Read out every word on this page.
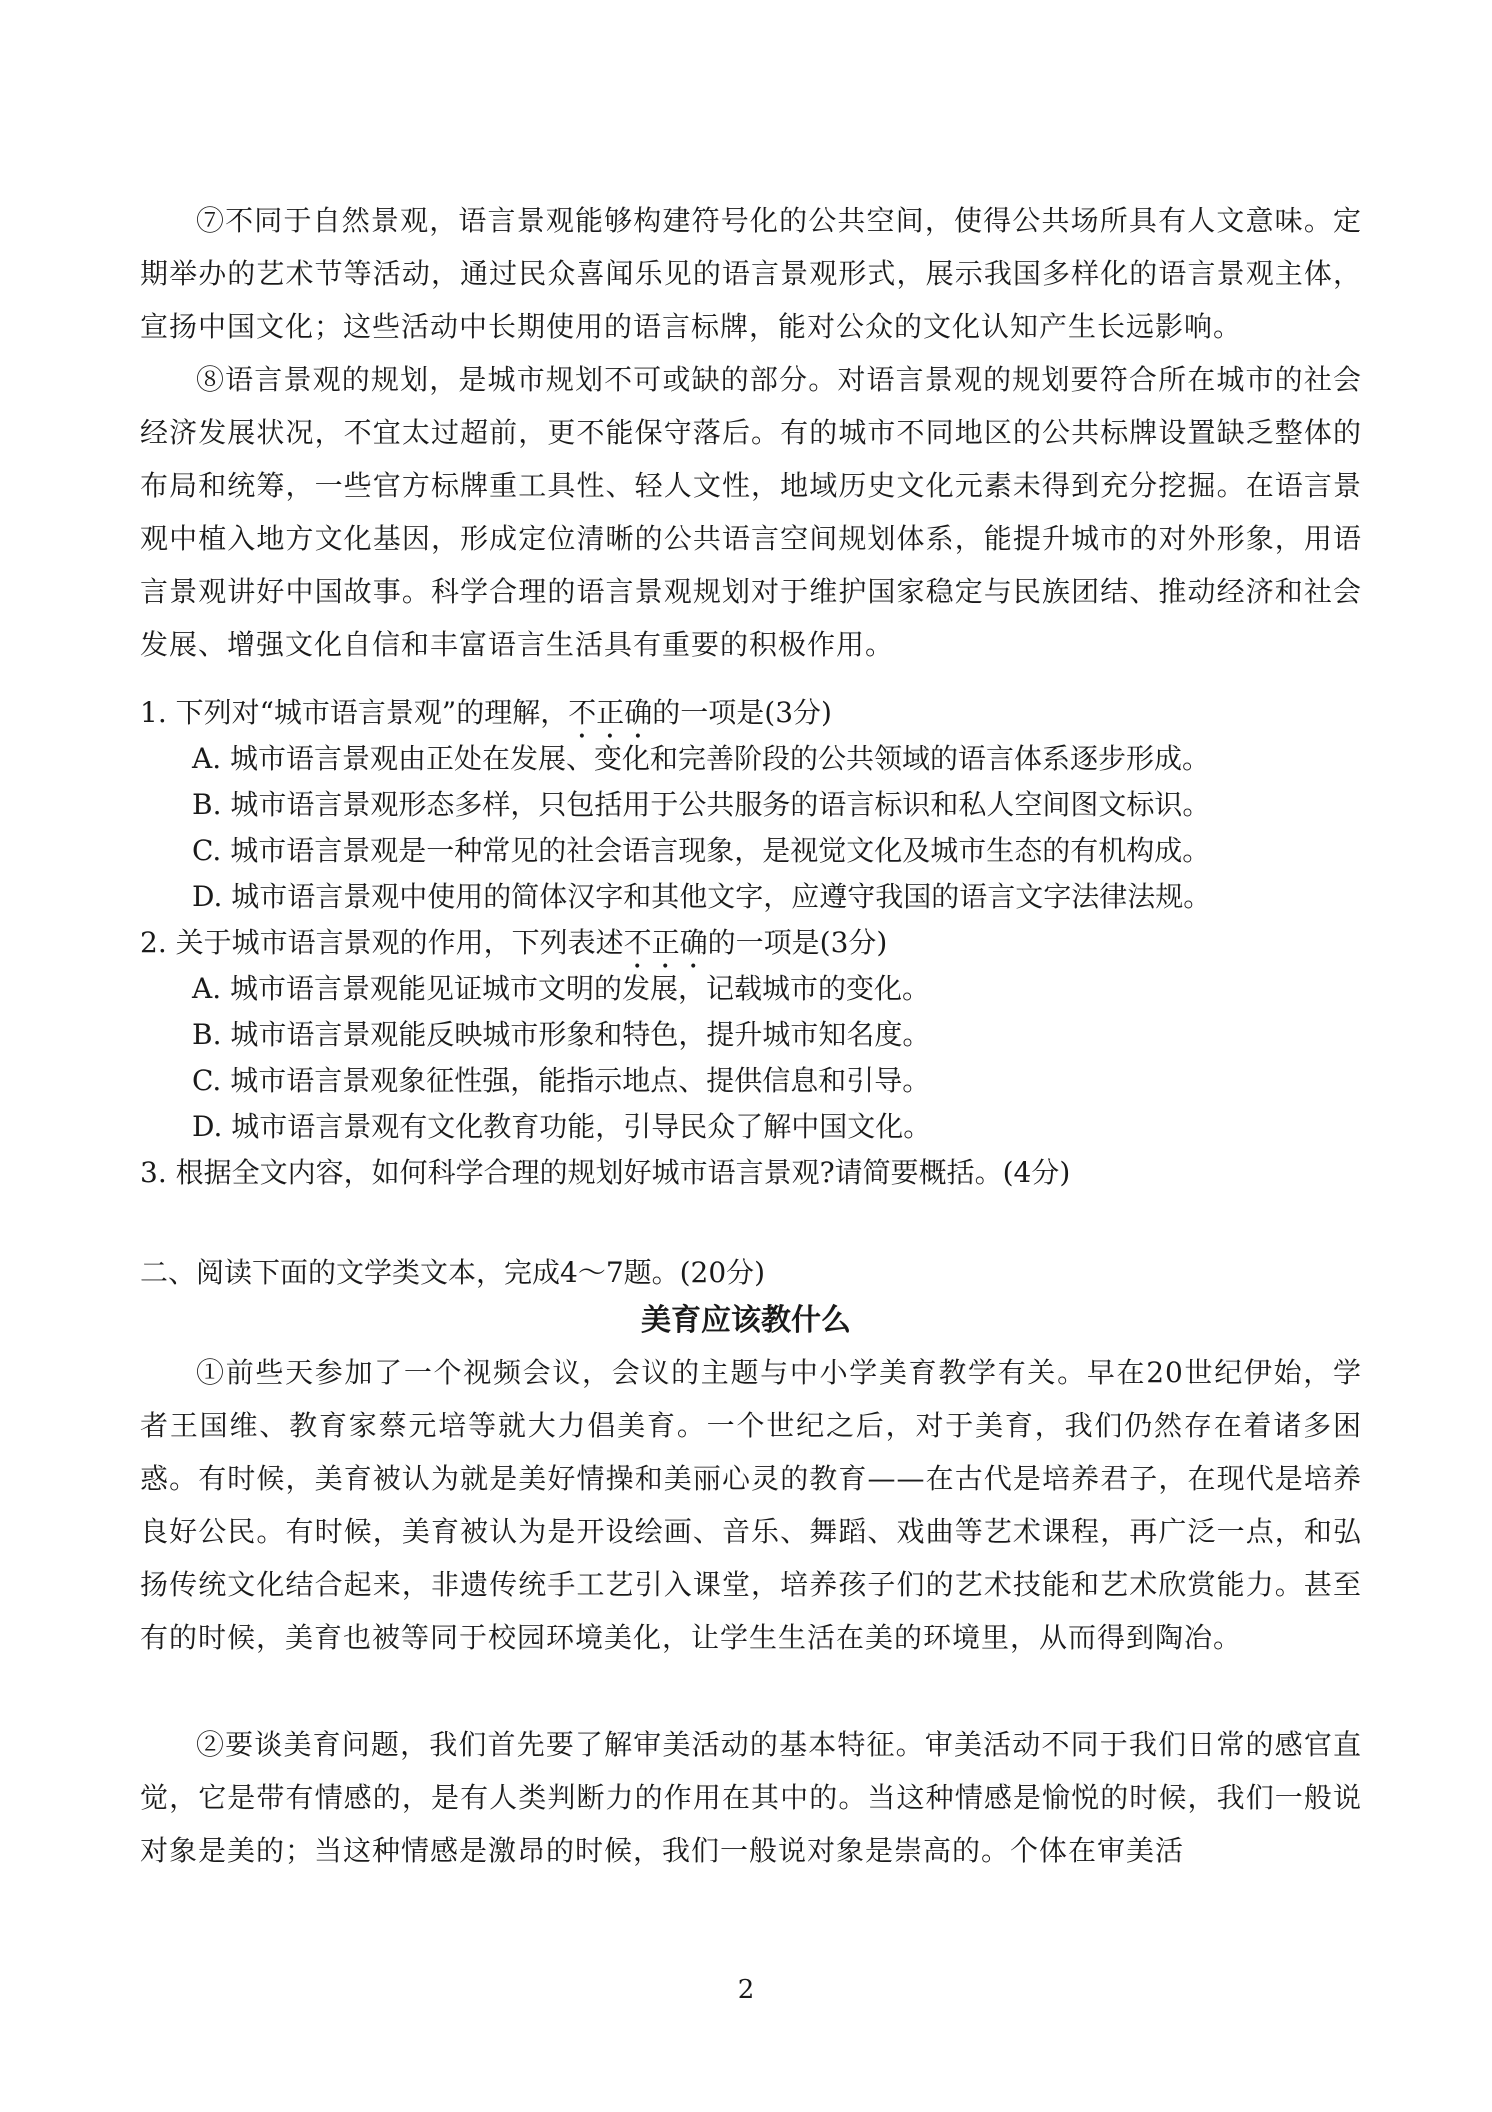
⑦不同于自然景观，语言景观能够构建符号化的公共空间，使得公共场所具有人文意味。定期举办的艺术节等活动，通过民众喜闻乐见的语言景观形式，展示我国多样化的语言景观主体，宣扬中国文化；这些活动中长期使用的语言标牌，能对公众的文化认知产生长远影响。

⑧语言景观的规划，是城市规划不可或缺的部分。对语言景观的规划要符合所在城市的社会经济发展状况，不宜太过超前，更不能保守落后。有的城市不同地区的公共标牌设置缺乏整体的布局和统筹，一些官方标牌重工具性、轻人文性，地域历史文化元素未得到充分挖掘。在语言景观中植入地方文化基因，形成定位清晰的公共语言空间规划体系，能提升城市的对外形象，用语言景观讲好中国故事。科学合理的语言景观规划对于维护国家稳定与民族团结、推动经济和社会发展、增强文化自信和丰富语言生活具有重要的积极作用。

1. 下列对“城市语言景观”的理解，不正确的一项是(3分)

A. 城市语言景观由正处在发展、变化和完善阶段的公共领域的语言体系逐步形成。

B. 城市语言景观形态多样，只包括用于公共服务的语言标识和私人空间图文标识。

C. 城市语言景观是一种常见的社会语言现象，是视觉文化及城市生态的有机构成。

D. 城市语言景观中使用的简体汉字和其他文字，应遵守我国的语言文字法律法规。

2. 关于城市语言景观的作用，下列表述不正确的一项是(3分)

A. 城市语言景观能见证城市文明的发展，记载城市的变化。

B. 城市语言景观能反映城市形象和特色，提升城市知名度。

C. 城市语言景观象征性强，能指示地点、提供信息和引导。

D. 城市语言景观有文化教育功能，引导民众了解中国文化。

3. 根据全文内容，如何科学合理的规划好城市语言景观?请简要概括。(4分)

二、阅读下面的文学类文本，完成4～7题。(20分)

美育应该教什么

①前些天参加了一个视频会议，会议的主题与中小学美育教学有关。早在20世纪伊始，学者王国维、教育家蔡元培等就大力倡美育。一个世纪之后，对于美育，我们仍然存在着诸多困惑。有时候，美育被认为就是美好情操和美丽心灵的教育——在古代是培养君子，在现代是培养良好公民。有时候，美育被认为是开设绘画、音乐、舞蹈、戏曲等艺术课程，再广泛一点，和弘扬传统文化结合起来，非遗传统手工艺引入课堂，培养孩子们的艺术技能和艺术欣赏能力。甚至有的时候，美育也被等同于校园环境美化，让学生生活在美的环境里，从而得到陶冶。

②要谈美育问题，我们首先要了解审美活动的基本特征。审美活动不同于我们日常的感官直觉，它是带有情感的，是有人类判断力的作用在其中的。当这种情感是愉悦的时候，我们一般说对象是美的；当这种情感是激昂的时候，我们一般说对象是崇高的。个体在审美活

2
